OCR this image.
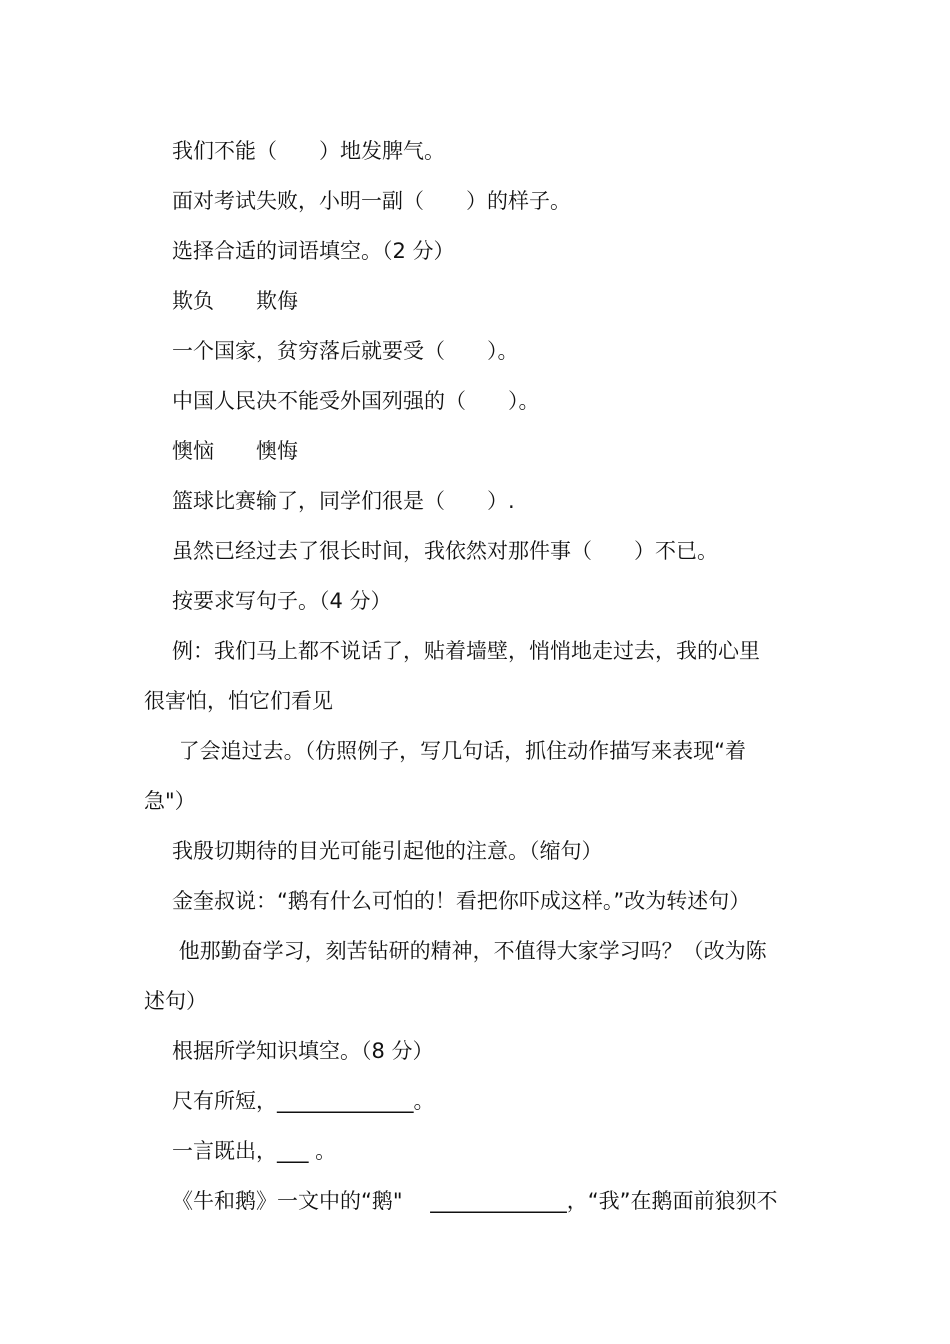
我们不能（　　）地发脾气。
面对考试失败，小明一副（　　）的样子。
选择合适的词语填空。（2 分）
欺负　　欺侮
一个国家，贫穷落后就要受（　　）。
中国人民决不能受外国列强的（　　）。
懊恼　　懊悔
篮球比赛输了，同学们很是（　　）.
虽然已经过去了很长时间，我依然对那件事（　　）不已。
按要求写句子。（4 分）
例：我们马上都不说话了，贴着墙壁，悄悄地走过去，我的心里
很害怕，怕它们看见
了会追过去。（仿照例子，写几句话，抓住动作描写来表现“着
急"）
我殷切期待的目光可能引起他的注意。（缩句）
金奎叔说：“鹅有什么可怕的！看把你吓成这样。”改为转述句）
他那勤奋学习，刻苦钻研的精神，不值得大家学习吗？（改为陈
述句）
根据所学知识填空。（8 分）
尺有所短，_____________。
一言既出，___ 。
《牛和鹅》一文中的“鹅"　 _____________，“我”在鹅面前狼狈不
